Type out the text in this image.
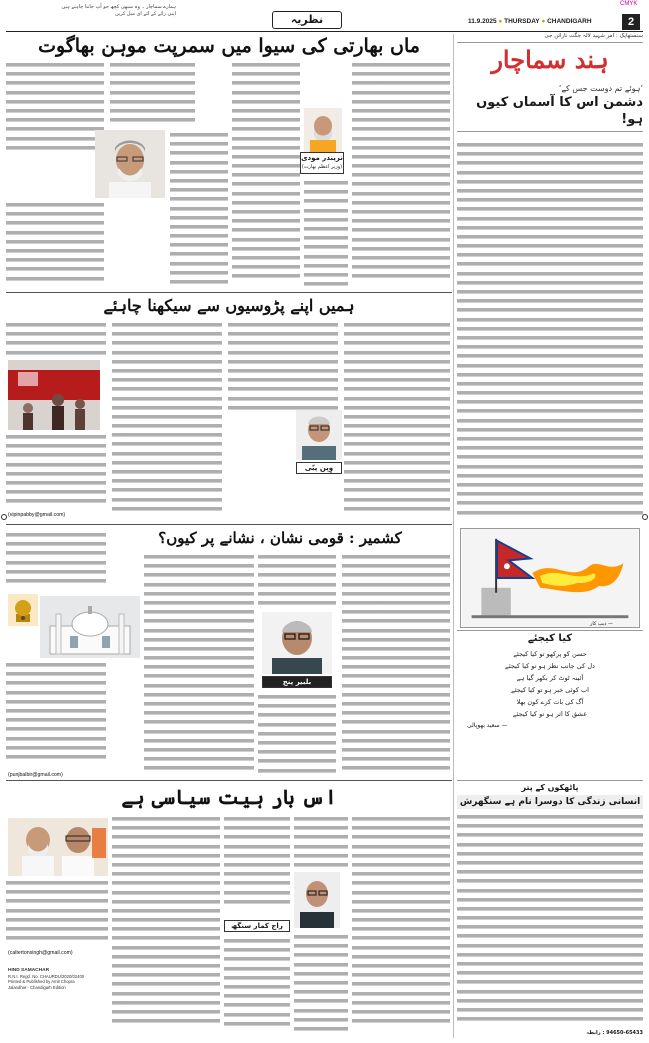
CMYK
ہمارے سماچار ۔ وہ سبھی کچھ جو آپ جاننا چاہتے ہیں
اپنی رائے کے لئے ای میل کریں	نظریہ	11.9.2025 ● THURSDAY ● CHANDIGARH	2
سنستھاپک : امر شہید لالہ جگت نارائن جی
ہند سماچار
’ہوئے تم دوست جس کے‘
دشمن اس کا آسماں کیوں ہو!
— دیپ کار
کیا کیجئے
حسن کو پرکھو تو کیا کیجئے
دل کی جانب نظر ہو تو کیا کیجئے
آئینہ ٹوٹ کر بکھر گیا ہے
اب کوئی خبر ہو تو کیا کیجئے
آگ کی بات کرے کون بھلا
عشق کا اثر ہو تو کیا کیجئے
— سعید بھوپالی
پاٹھکوں کے پتر
انسانی زندگی کا دوسرا نام ہے سنگھرش
94650-65433 : رابطہ
ماں بھارتی کی سیوا میں سمرپت موہن بھاگوت
نریندر مودی
(وزیر اعظم بھارت)
ہمیں اپنے پڑوسیوں سے سیکھنا چاہئے
(vipinpabby@gmail.com)
وِپن پبّی
کشمیر : قومی نشان ، نشانے پر کیوں؟
(punjbalbir@gmail.com)
بلبیر پنج
اس بار ہیت سیاسی ہے
(caltertonsingh@gmail.com)
راج کمار سنگھ
HIND SAMACHAR
R.N.I. Regd. No. CHAURDU/2020/02400
Printed & Published by Amit Chopra
Jalandhar - Chandigarh Edition
